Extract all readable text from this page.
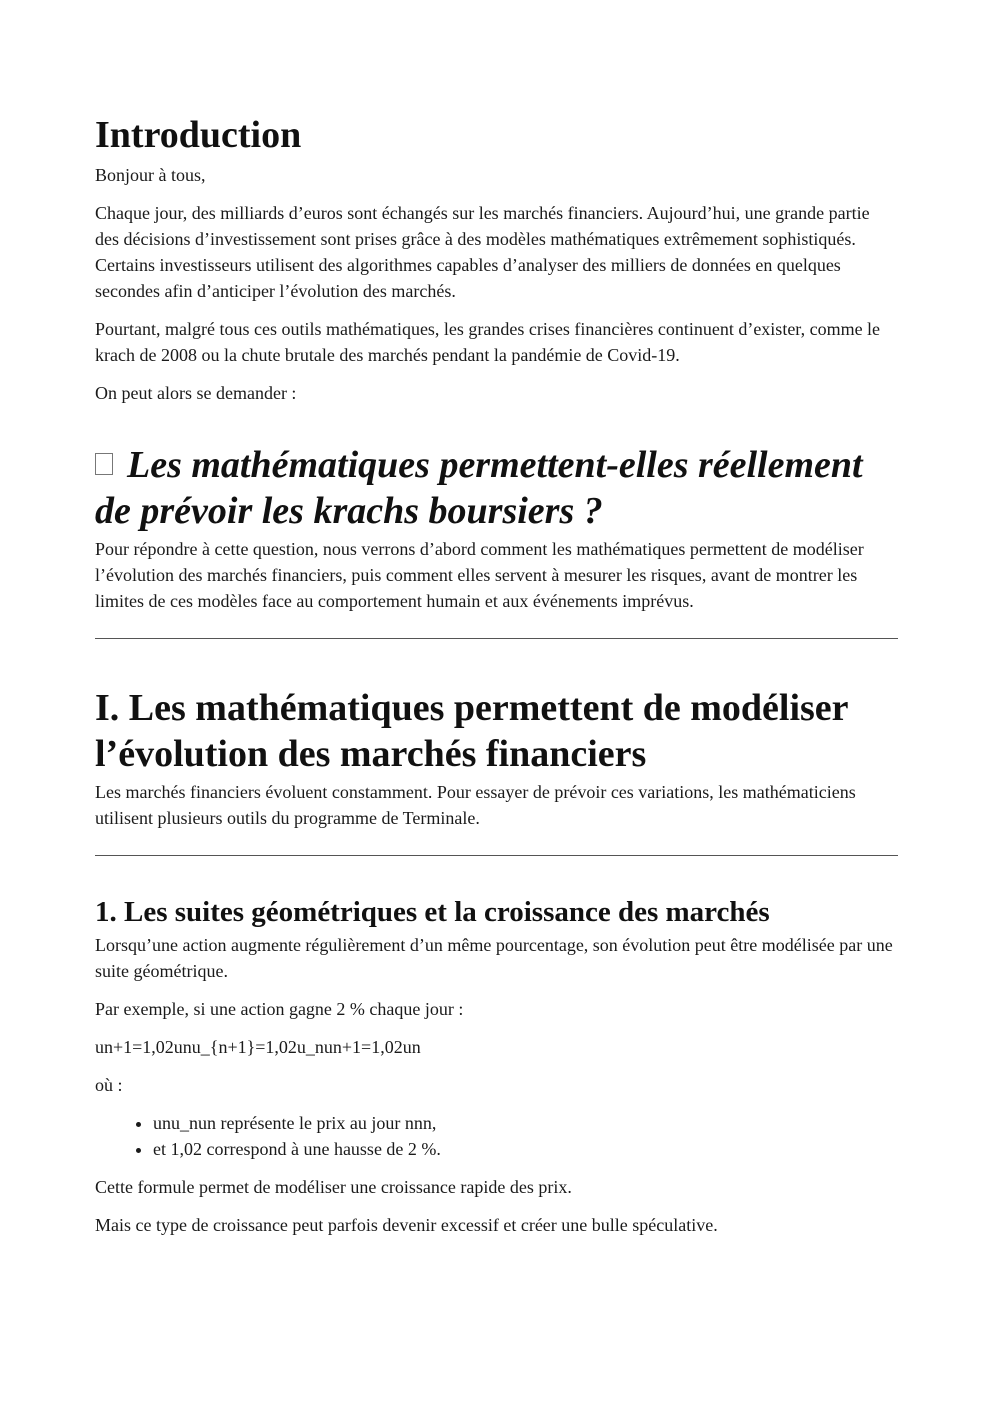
Introduction

Bonjour à tous,

Chaque jour, des milliards d’euros sont échangés sur les marchés financiers. Aujourd’hui, une grande partie des décisions d’investissement sont prises grâce à des modèles mathématiques extrêmement sophistiqués. Certains investisseurs utilisent des algorithmes capables d’analyser des milliers de données en quelques secondes afin d’anticiper l’évolution des marchés.

Pourtant, malgré tous ces outils mathématiques, les grandes crises financières continuent d’exister, comme le krach de 2008 ou la chute brutale des marchés pendant la pandémie de Covid-19.

On peut alors se demander :

Les mathématiques permettent-elles réellement de prévoir les krachs boursiers ?

Pour répondre à cette question, nous verrons d’abord comment les mathématiques permettent de modéliser l’évolution des marchés financiers, puis comment elles servent à mesurer les risques, avant de montrer les limites de ces modèles face au comportement humain et aux événements imprévus.

I. Les mathématiques permettent de modéliser l’évolution des marchés financiers

Les marchés financiers évoluent constamment. Pour essayer de prévoir ces variations, les mathématiciens utilisent plusieurs outils du programme de Terminale.

1. Les suites géométriques et la croissance des marchés

Lorsqu’une action augmente régulièrement d’un même pourcentage, son évolution peut être modélisée par une suite géométrique.

Par exemple, si une action gagne 2 % chaque jour :

un+1=1,02unu_{n+1}=1,02u_nun+1​=1,02un​

où :

• unu_nun​ représente le prix au jour nnn,
• et 1,02 correspond à une hausse de 2 %.

Cette formule permet de modéliser une croissance rapide des prix.

Mais ce type de croissance peut parfois devenir excessif et créer une bulle spéculative.
